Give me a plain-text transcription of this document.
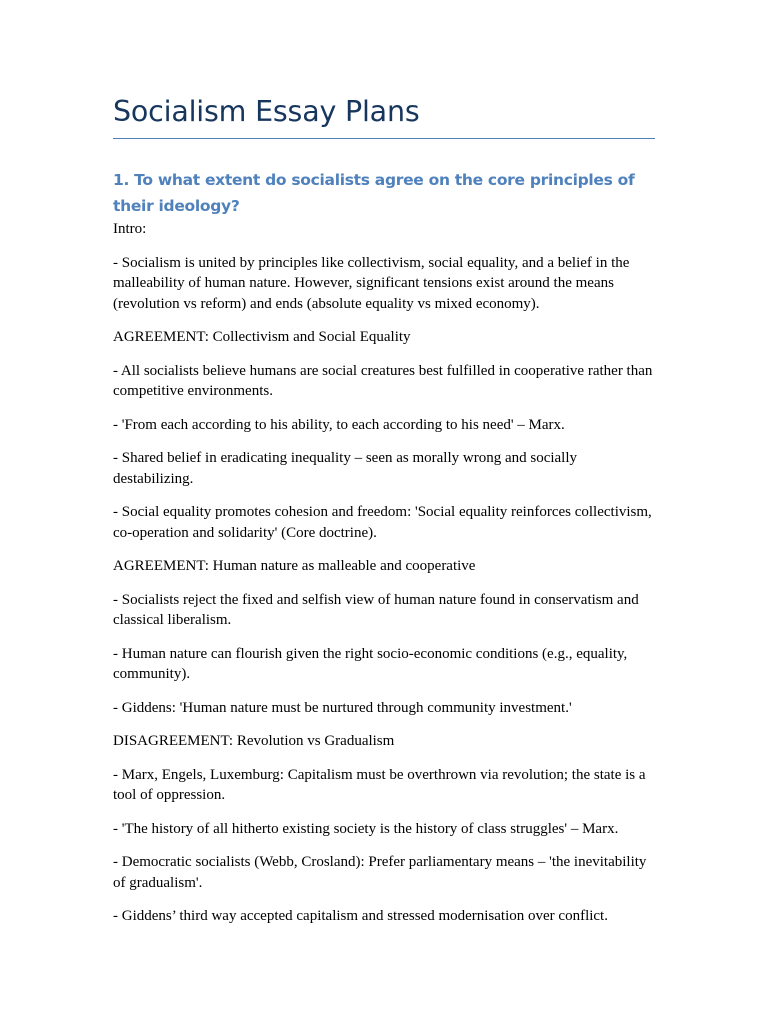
Socialism Essay Plans
1. To what extent do socialists agree on the core principles of their ideology?

Intro:

- Socialism is united by principles like collectivism, social equality, and a belief in the malleability of human nature. However, significant tensions exist around the means (revolution vs reform) and ends (absolute equality vs mixed economy).

AGREEMENT: Collectivism and Social Equality

- All socialists believe humans are social creatures best fulfilled in cooperative rather than competitive environments.

- 'From each according to his ability, to each according to his need' – Marx.

- Shared belief in eradicating inequality – seen as morally wrong and socially destabilizing.

- Social equality promotes cohesion and freedom: 'Social equality reinforces collectivism, co-operation and solidarity' (Core doctrine).

AGREEMENT: Human nature as malleable and cooperative

- Socialists reject the fixed and selfish view of human nature found in conservatism and classical liberalism.

- Human nature can flourish given the right socio-economic conditions (e.g., equality, community).

- Giddens: 'Human nature must be nurtured through community investment.'

DISAGREEMENT: Revolution vs Gradualism

- Marx, Engels, Luxemburg: Capitalism must be overthrown via revolution; the state is a tool of oppression.

- 'The history of all hitherto existing society is the history of class struggles' – Marx.

- Democratic socialists (Webb, Crosland): Prefer parliamentary means – 'the inevitability of gradualism'.

- Giddens’ third way accepted capitalism and stressed modernisation over conflict.
